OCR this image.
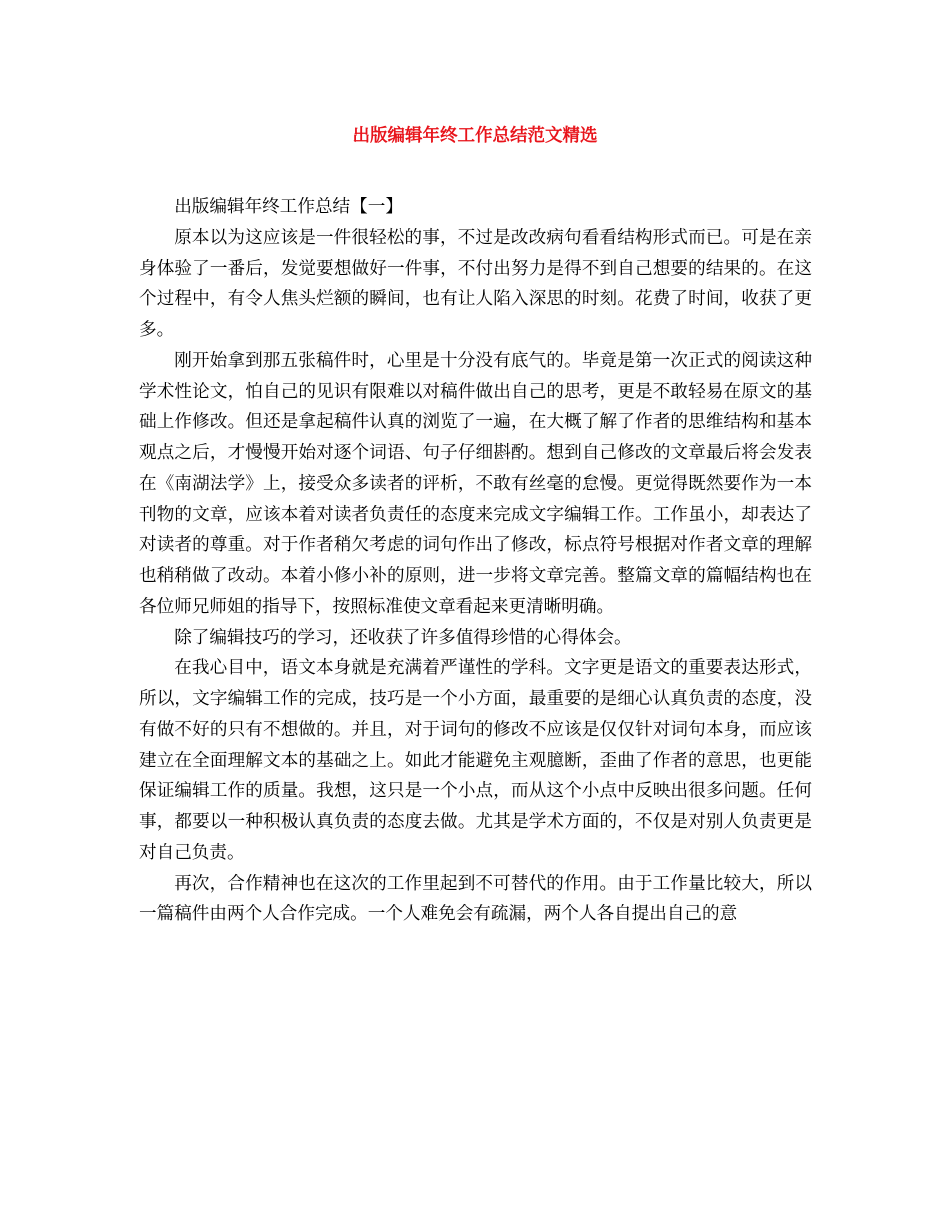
出版编辑年终工作总结范文精选

出版编辑年终工作总结【一】

原本以为这应该是一件很轻松的事，不过是改改病句看看结构形式而已。可是在亲身体验了一番后，发觉要想做好一件事，不付出努力是得不到自己想要的结果的。在这个过程中，有令人焦头烂额的瞬间，也有让人陷入深思的时刻。花费了时间，收获了更多。

刚开始拿到那五张稿件时，心里是十分没有底气的。毕竟是第一次正式的阅读这种学术性论文，怕自己的见识有限难以对稿件做出自己的思考，更是不敢轻易在原文的基础上作修改。但还是拿起稿件认真的浏览了一遍，在大概了解了作者的思维结构和基本观点之后，才慢慢开始对逐个词语、句子仔细斟酌。想到自己修改的文章最后将会发表在《南湖法学》上，接受众多读者的评析，不敢有丝毫的怠慢。更觉得既然要作为一本刊物的文章，应该本着对读者负责任的态度来完成文字编辑工作。工作虽小，却表达了对读者的尊重。对于作者稍欠考虑的词句作出了修改，标点符号根据对作者文章的理解也稍稍做了改动。本着小修小补的原则，进一步将文章完善。整篇文章的篇幅结构也在各位师兄师姐的指导下，按照标准使文章看起来更清晰明确。

除了编辑技巧的学习，还收获了许多值得珍惜的心得体会。

在我心目中，语文本身就是充满着严谨性的学科。文字更是语文的重要表达形式，所以，文字编辑工作的完成，技巧是一个小方面，最重要的是细心认真负责的态度，没有做不好的只有不想做的。并且，对于词句的修改不应该是仅仅针对词句本身，而应该建立在全面理解文本的基础之上。如此才能避免主观臆断，歪曲了作者的意思，也更能保证编辑工作的质量。我想，这只是一个小点，而从这个小点中反映出很多问题。任何事，都要以一种积极认真负责的态度去做。尤其是学术方面的，不仅是对别人负责更是对自己负责。

再次，合作精神也在这次的工作里起到不可替代的作用。由于工作量比较大，所以一篇稿件由两个人合作完成。一个人难免会有疏漏，两个人各自提出自己的意
